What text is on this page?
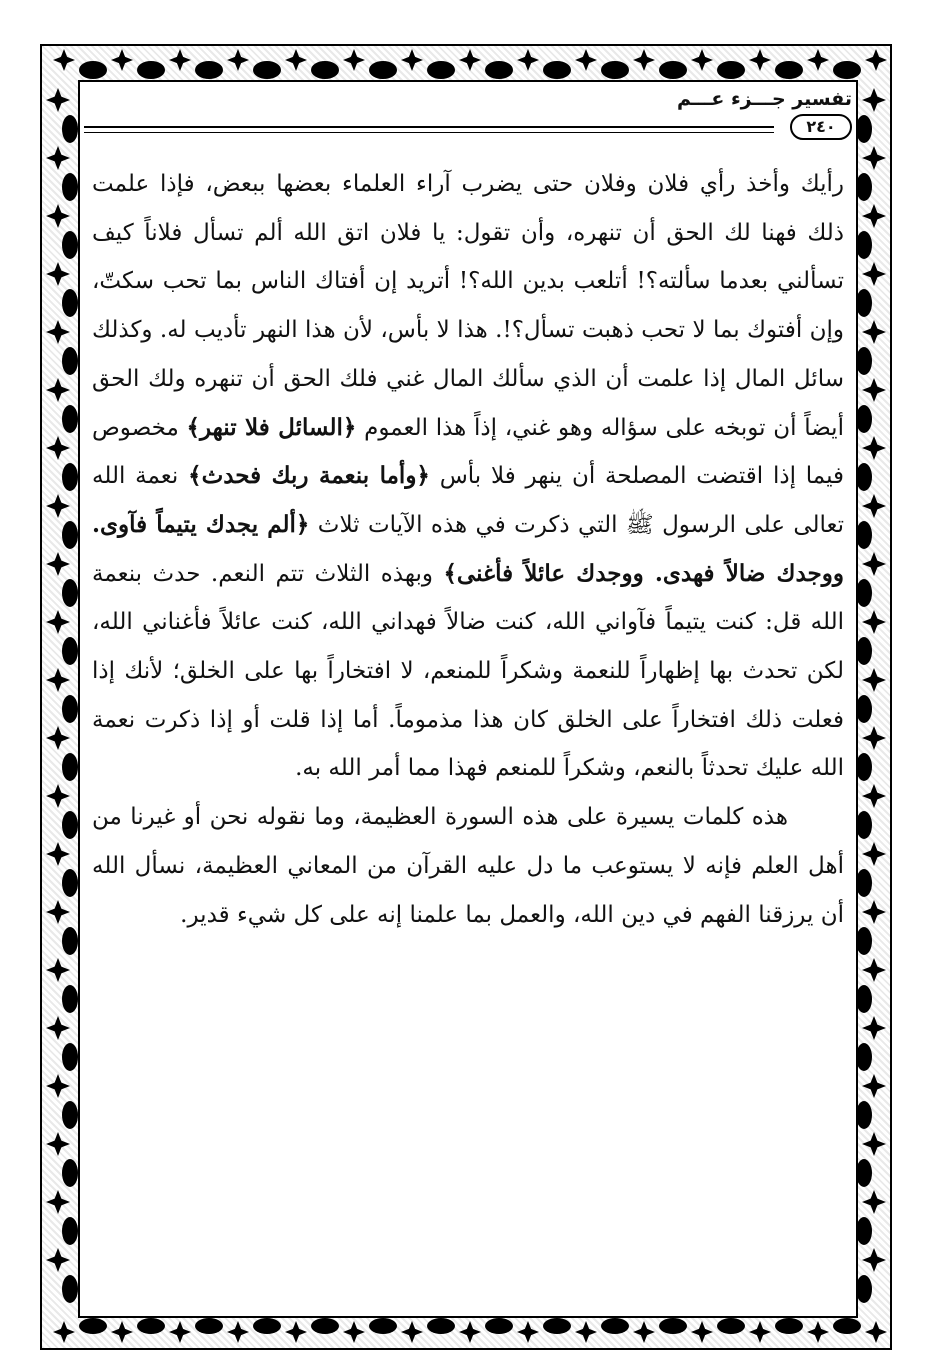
تفسير جـــزء عـــم
٢٤٠

رأيك وأخذ رأي فلان وفلان حتى يضرب آراء العلماء بعضها ببعض، فإذا علمت ذلك فهنا لك الحق أن تنهره، وأن تقول: يا فلان اتق الله ألم تسأل فلاناً كيف تسألني بعدما سألته؟! أتلعب بدين الله؟! أتريد إن أفتاك الناس بما تحب سكتّ، وإن أفتوك بما لا تحب ذهبت تسأل؟!. هذا لا بأس، لأن هذا النهر تأديب له. وكذلك سائل المال إذا علمت أن الذي سألك المال غني فلك الحق أن تنهره ولك الحق أيضاً أن توبخه على سؤاله وهو غني، إذاً هذا العموم ﴿السائل فلا تنهر﴾ مخصوص فيما إذا اقتضت المصلحة أن ينهر فلا بأس ﴿وأما بنعمة ربك فحدث﴾ نعمة الله تعالى على الرسول ﷺ التي ذكرت في هذه الآيات ثلاث ﴿ألم يجدك يتيماً فآوى. ووجدك ضالاً فهدى. ووجدك عائلاً فأغنى﴾ وبهذه الثلاث تتم النعم. حدث بنعمة الله قل: كنت يتيماً فآواني الله، كنت ضالاً فهداني الله، كنت عائلاً فأغناني الله، لكن تحدث بها إظهاراً للنعمة وشكراً للمنعم، لا افتخاراً بها على الخلق؛ لأنك إذا فعلت ذلك افتخاراً على الخلق كان هذا مذموماً. أما إذا قلت أو إذا ذكرت نعمة الله عليك تحدثاً بالنعم، وشكراً للمنعم فهذا مما أمر الله به.

هذه كلمات يسيرة على هذه السورة العظيمة، وما نقوله نحن أو غيرنا من أهل العلم فإنه لا يستوعب ما دل عليه القرآن من المعاني العظيمة، نسأل الله أن يرزقنا الفهم في دين الله، والعمل بما علمنا إنه على كل شيء قدير.
